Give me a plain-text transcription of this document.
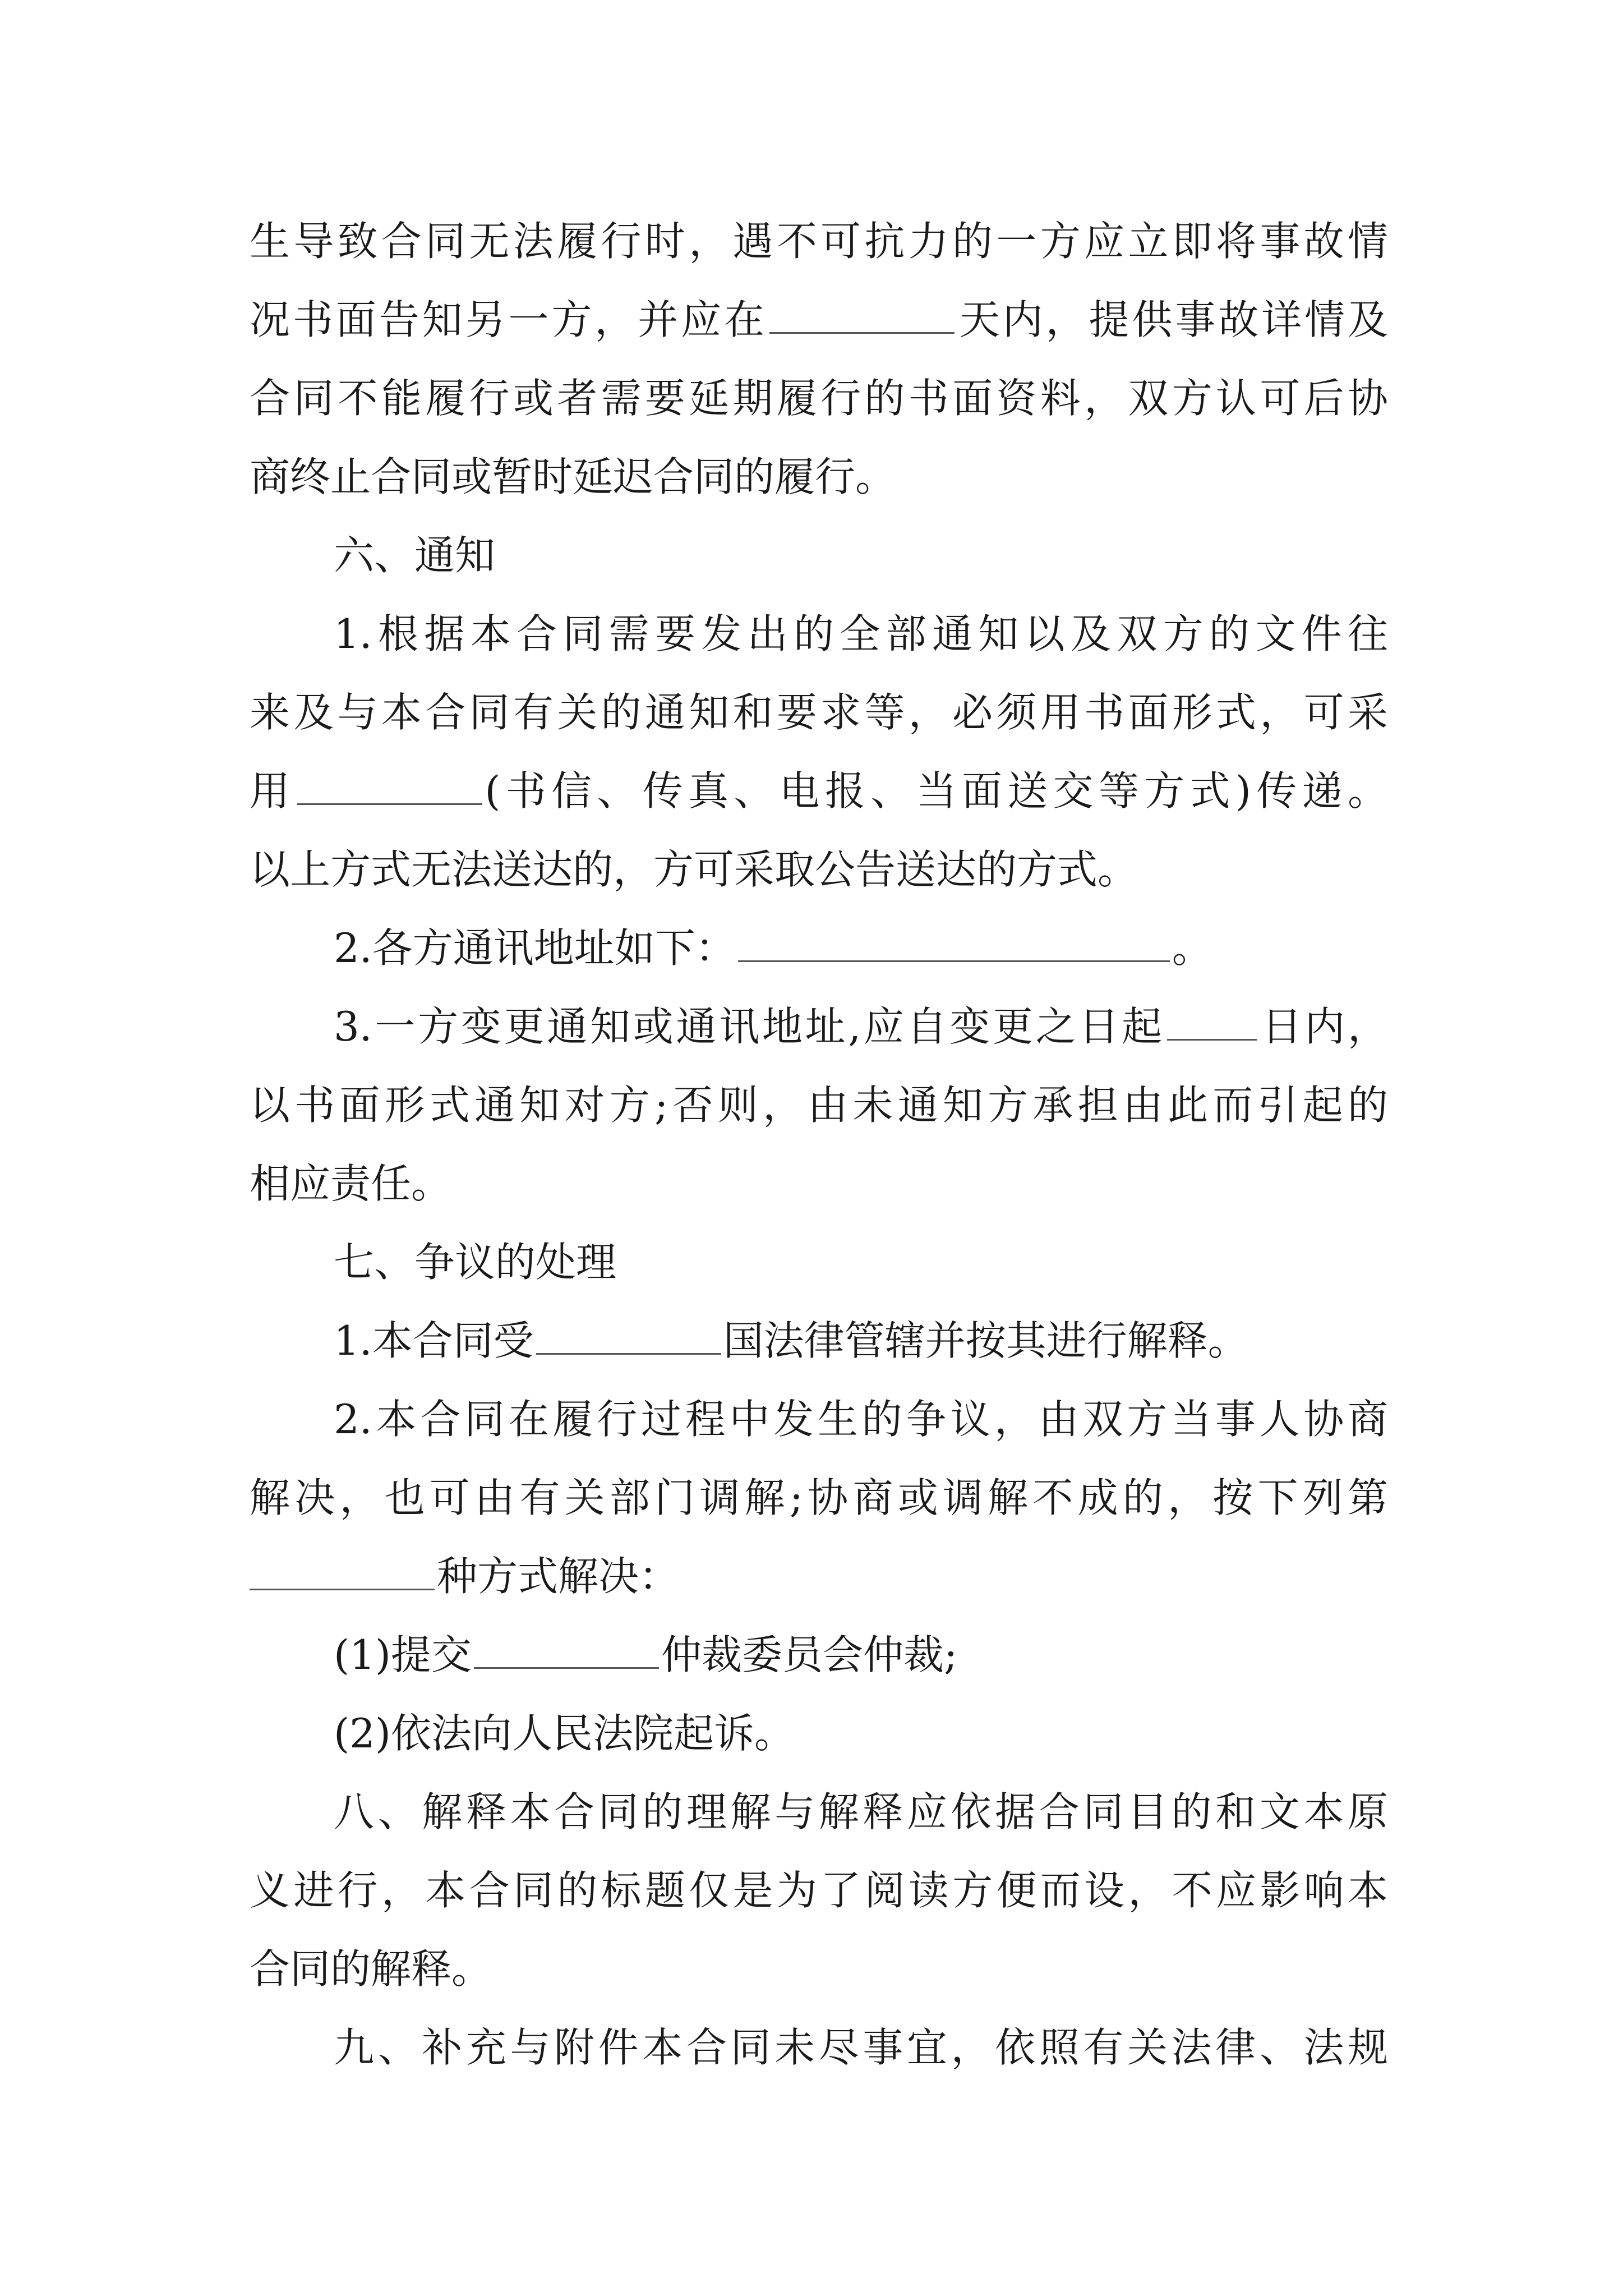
生导致合同无法履行时，遇不可抗力的一方应立即将事故情
况书面告知另一方，并应在	天内，提供事故详情及
合同不能履行或者需要延期履行的书面资料，双方认可后协
商终止合同或暂时延迟合同的履行。
六、通知
1.根据本合同需要发出的全部通知以及双方的文件往
来及与本合同有关的通知和要求等，必须用书面形式，可采
用	(书信、传真、电报、当面送交等方式)传递。
以上方式无法送达的，方可采取公告送达的方式。
2.各方通讯地址如下：	。
3.一方变更通知或通讯地址,应自变更之日起 日内，
以书面形式通知对方;否则，由未通知方承担由此而引起的
相应责任。
七、争议的处理
1.本合同受	国法律管辖并按其进行解释。
2.本合同在履行过程中发生的争议，由双方当事人协商
解决，也可由有关部门调解;协商或调解不成的，按下列第
种方式解决：
(1)提交	仲裁委员会仲裁;
(2)依法向人民法院起诉。
八、解释本合同的理解与解释应依据合同目的和文本原
义进行，本合同的标题仅是为了阅读方便而设，不应影响本
合同的解释。
九、补充与附件本合同未尽事宜，依照有关法律、法规
